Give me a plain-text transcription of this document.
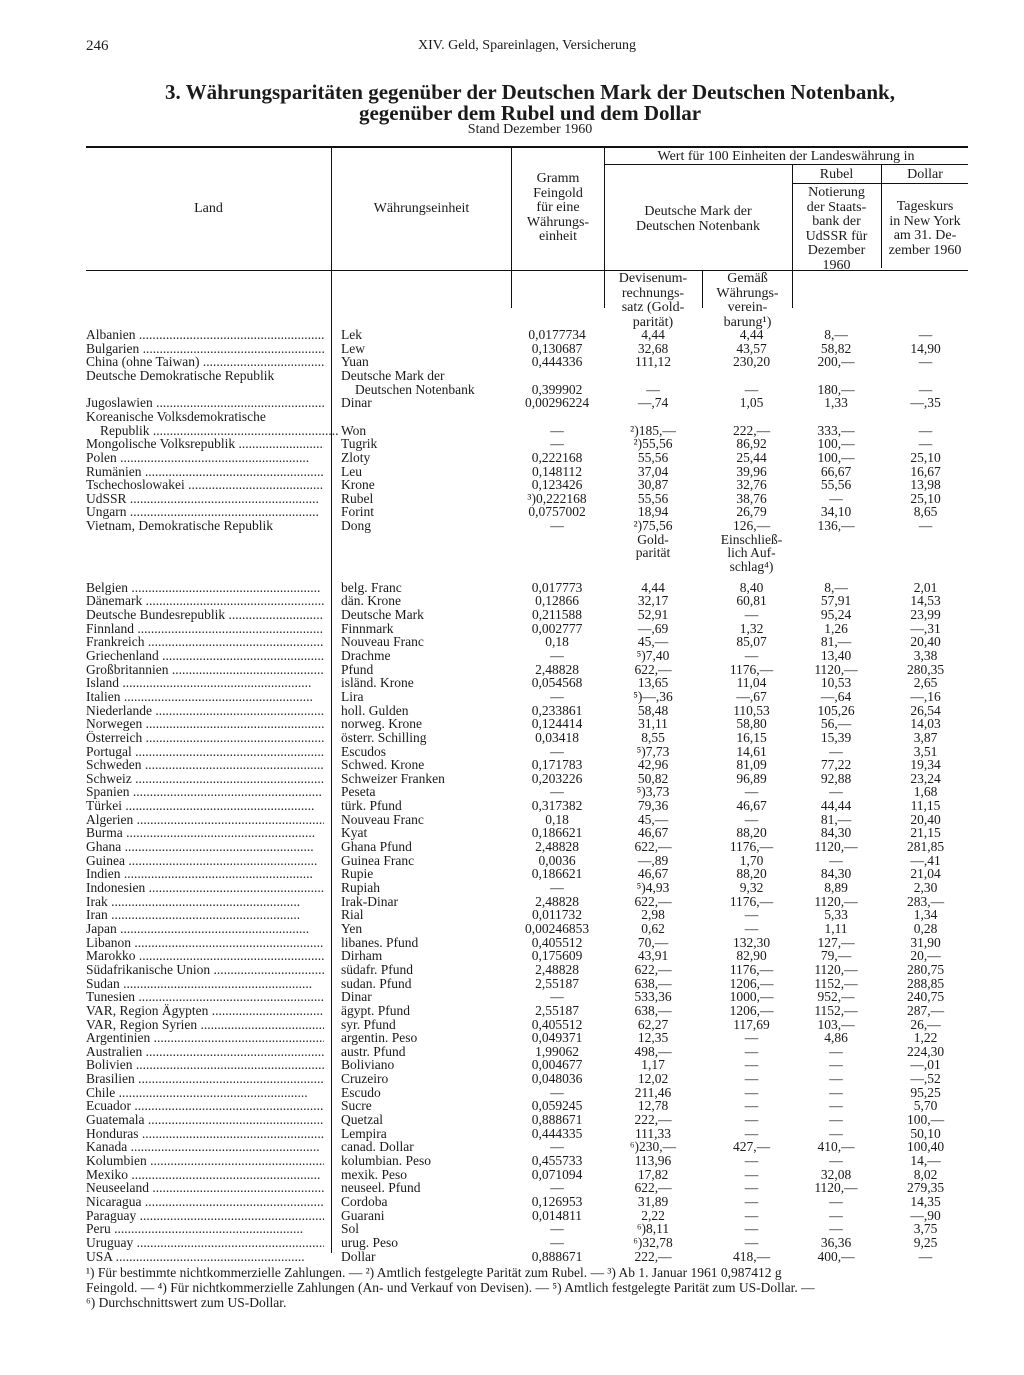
246	XIV. Geld, Spareinlagen, Versicherung
3. Währungsparitäten gegenüber der Deutschen Mark der Deutschen Notenbank,
gegenüber dem Rubel und dem Dollar
Stand Dezember 1960
Land	Währungseinheit
Gramm
Feingold
für eine
Währungs-
einheit
Wert für 100 Einheiten der Landeswährung in
Deutsche Mark der
Deutschen Notenbank
Rubel	Dollar
Notierung
der Staats-
bank der
UdSSR für
Dezember
1960
Tageskurs
in New York
am 31. De-
zember 1960
Devisenum-
rechnungs-
satz (Gold-
parität)
Gemäß
Währungs-
verein-
barung¹)
Albanien .....	Lek	0,0177734	4,44	4,44	8,—	—
Bulgarien .....	Lew	0,130687	32,68	43,57	58,82	14,90
China (ohne Taiwan) .....	Yuan	0,444336	111,12	230,20	200,—	—
Deutsche Demokratische Republik	Deutsche Mark der
Deutschen Notenbank	0,399902	—	—	180,—	—
Jugoslawien .....	Dinar	0,00296224	—,74	1,05	1,33	—,35
Koreanische Volksdemokratische
Republik .....	Won	—	²)185,—	222,—	333,—	—
Mongolische Volksrepublik .....	Tugrik	—	²)55,56	86,92	100,—	—
Polen .....	Zloty	0,222168	55,56	25,44	100,—	25,10
Rumänien .....	Leu	0,148112	37,04	39,96	66,67	16,67
Tschechoslowakei .....	Krone	0,123426	30,87	32,76	55,56	13,98
UdSSR .....	Rubel	³)0,222168	55,56	38,76	—	25,10
Ungarn .....	Forint	0,0757002	18,94	26,79	34,10	8,65
Vietnam, Demokratische Republik	Dong	—	²)75,56	126,—	136,—	—
Gold-	Einschließ-
parität	lich Auf-
schlag⁴)
Belgien .....	belg. Franc	0,017773	4,44	8,40	8,—	2,01
Dänemark .....	dän. Krone	0,12866	32,17	60,81	57,91	14,53
Deutsche Bundesrepublik .....	Deutsche Mark	0,211588	52,91	—	95,24	23,99
Finnland .....	Finnmark	0,002777	—,69	1,32	1,26	—,31
Frankreich .....	Nouveau Franc	0,18	45,—	85,07	81,—	20,40
Griechenland .....	Drachme	—	⁵)7,40	—	13,40	3,38
Großbritannien .....	Pfund	2,48828	622,—	1176,—	1120,—	280,35
Island .....	isländ. Krone	0,054568	13,65	11,04	10,53	2,65
Italien .....	Lira	—	⁵)—,36	—,67	—,64	—,16
Niederlande .....	holl. Gulden	0,233861	58,48	110,53	105,26	26,54
Norwegen .....	norweg. Krone	0,124414	31,11	58,80	56,—	14,03
Österreich .....	österr. Schilling	0,03418	8,55	16,15	15,39	3,87
Portugal .....	Escudos	—	⁵)7,73	14,61	—	3,51
Schweden .....	Schwed. Krone	0,171783	42,96	81,09	77,22	19,34
Schweiz .....	Schweizer Franken	0,203226	50,82	96,89	92,88	23,24
Spanien .....	Peseta	—	⁵)3,73	—	—	1,68
Türkei .....	türk. Pfund	0,317382	79,36	46,67	44,44	11,15
Algerien .....	Nouveau Franc	0,18	45,—	—	81,—	20,40
Burma .....	Kyat	0,186621	46,67	88,20	84,30	21,15
Ghana .....	Ghana Pfund	2,48828	622,—	1176,—	1120,—	281,85
Guinea .....	Guinea Franc	0,0036	—,89	1,70	—	—,41
Indien .....	Rupie	0,186621	46,67	88,20	84,30	21,04
Indonesien .....	Rupiah	—	⁵)4,93	9,32	8,89	2,30
Irak .....	Irak-Dinar	2,48828	622,—	1176,—	1120,—	283,—
Iran .....	Rial	0,011732	2,98	—	5,33	1,34
Japan .....	Yen	0,00246853	0,62	—	1,11	0,28
Libanon .....	libanes. Pfund	0,405512	70,—	132,30	127,—	31,90
Marokko .....	Dirham	0,175609	43,91	82,90	79,—	20,—
Südafrikanische Union .....	südafr. Pfund	2,48828	622,—	1176,—	1120,—	280,75
Sudan .....	sudan. Pfund	2,55187	638,—	1206,—	1152,—	288,85
Tunesien .....	Dinar	—	533,36	1000,—	952,—	240,75
VAR, Region Ägypten .....	ägypt. Pfund	2,55187	638,—	1206,—	1152,—	287,—
VAR, Region Syrien .....	syr. Pfund	0,405512	62,27	117,69	103,—	26,—
Argentinien .....	argentin. Peso	0,049371	12,35	—	4,86	1,22
Australien .....	austr. Pfund	1,99062	498,—	—	—	224,30
Bolivien .....	Boliviano	0,004677	1,17	—	—	—,01
Brasilien .....	Cruzeiro	0,048036	12,02	—	—	—,52
Chile .....	Escudo	—	211,46	—	—	95,25
Ecuador .....	Sucre	0,059245	12,78	—	—	5,70
Guatemala .....	Quetzal	0,888671	222,—	—	—	100,—
Honduras .....	Lempira	0,444335	111,33	—	—	50,10
Kanada .....	canad. Dollar	—	⁶)230,—	427,—	410,—	100,40
Kolumbien .....	kolumbian. Peso	0,455733	113,96	—	—	14,—
Mexiko .....	mexik. Peso	0,071094	17,82	—	32,08	8,02
Neuseeland .....	neuseel. Pfund	—	622,—	—	1120,—	279,35
Nicaragua .....	Cordoba	0,126953	31,89	—	—	14,35
Paraguay .....	Guarani	0,014811	2,22	—	—	—,90
Peru .....	Sol	—	⁶)8,11	—	—	3,75
Uruguay .....	urug. Peso	—	⁶)32,78	—	36,36	9,25
USA .....	Dollar	0,888671	222,—	418,—	400,—	—
¹) Für bestimmte nichtkommerzielle Zahlungen. — ²) Amtlich festgelegte Parität zum Rubel. — ³) Ab 1. Januar 1961 0,987412 g
Feingold. — ⁴) Für nichtkommerzielle Zahlungen (An- und Verkauf von Devisen). — ⁵) Amtlich festgelegte Parität zum US-Dollar. —
⁶) Durchschnittswert zum US-Dollar.
